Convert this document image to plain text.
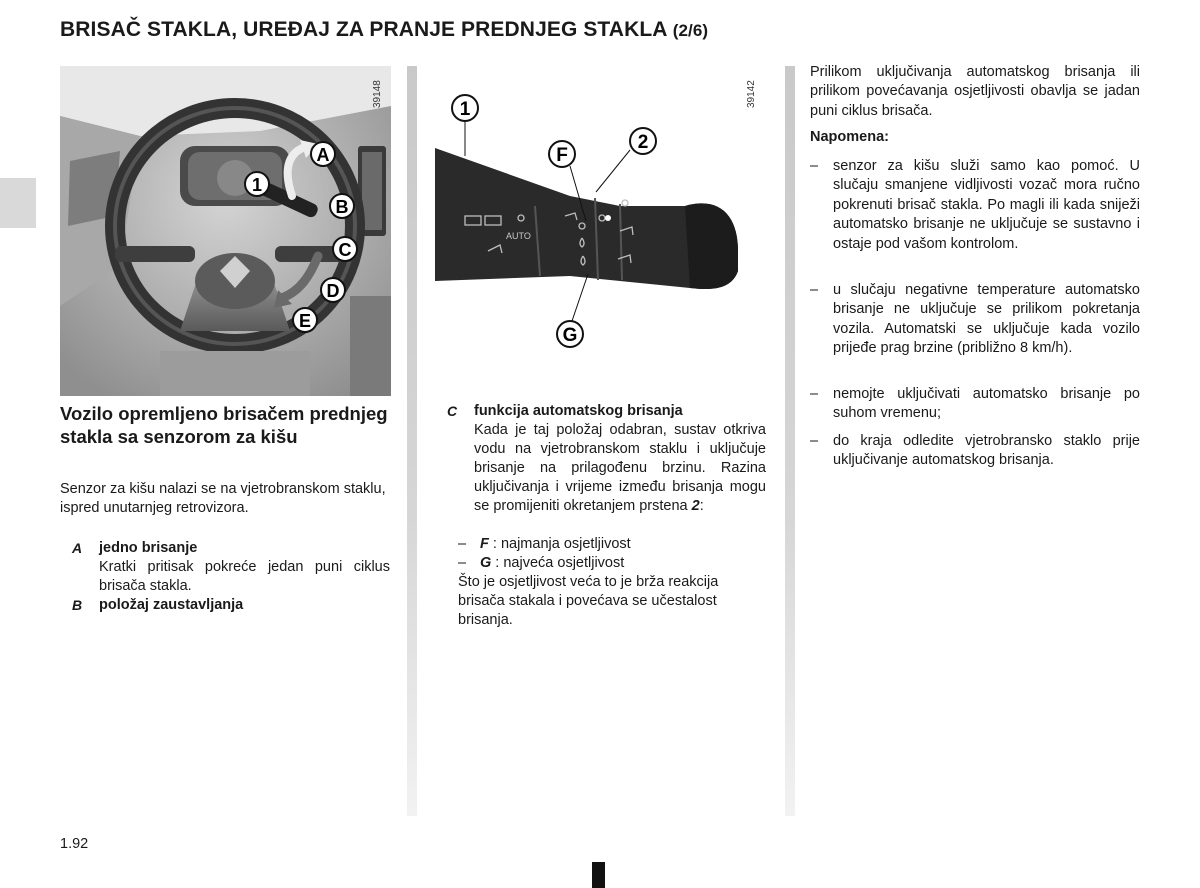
BRISAČ STAKLA, UREĐAJ ZA PRANJE PREDNJEG STAKLA (2/6)
39148
A
1
B
C
D
E
AUTO
39142
1
F
2
G
Vozilo opremljeno brisačem prednjeg stakla sa senzorom za kišu
Senzor za kišu nalazi se na vjetrobranskom staklu, ispred unutarnjeg retrovizora.
A jedno brisanje
Kratki pritisak pokreće jedan puni ciklus brisača stakla.
B položaj zaustavljanja
C funkcija automatskog brisanja
Kada je taj položaj odabran, sustav otkriva vodu na vjetrobranskom staklu i uključuje brisanje na prilagođenu brzinu. Razina uključivanja i vrijeme između brisanja mogu se promijeniti okretanjem prstena 2:
– F : najmanja osjetljivost
– G : najveća osjetljivost
Što je osjetljivost veća to je brža reakcija brisača stakala i povećava se učestalost brisanja.
Prilikom uključivanja automatskog brisanja ili prilikom povećavanja osjetljivosti obavlja se jadan puni ciklus brisača.
Napomena:
–	senzor za kišu služi samo kao pomoć. U slučaju smanjene vidljivosti vozač mora ručno pokrenuti brisač stakla. Po magli ili kada sniježi automatsko brisanje ne uključuje se sustavno i ostaje pod vašom kontrolom.
–	u slučaju negativne temperature automatsko brisanje ne uključuje se prilikom pokretanja vozila. Automatski se uključuje kada vozilo prijeđe prag brzine (približno 8 km/h).
–	nemojte uključivati automatsko brisanje po suhom vremenu;
–	do kraja odledite vjetrobransko staklo prije uključivanje automatskog brisanja.
1.92
